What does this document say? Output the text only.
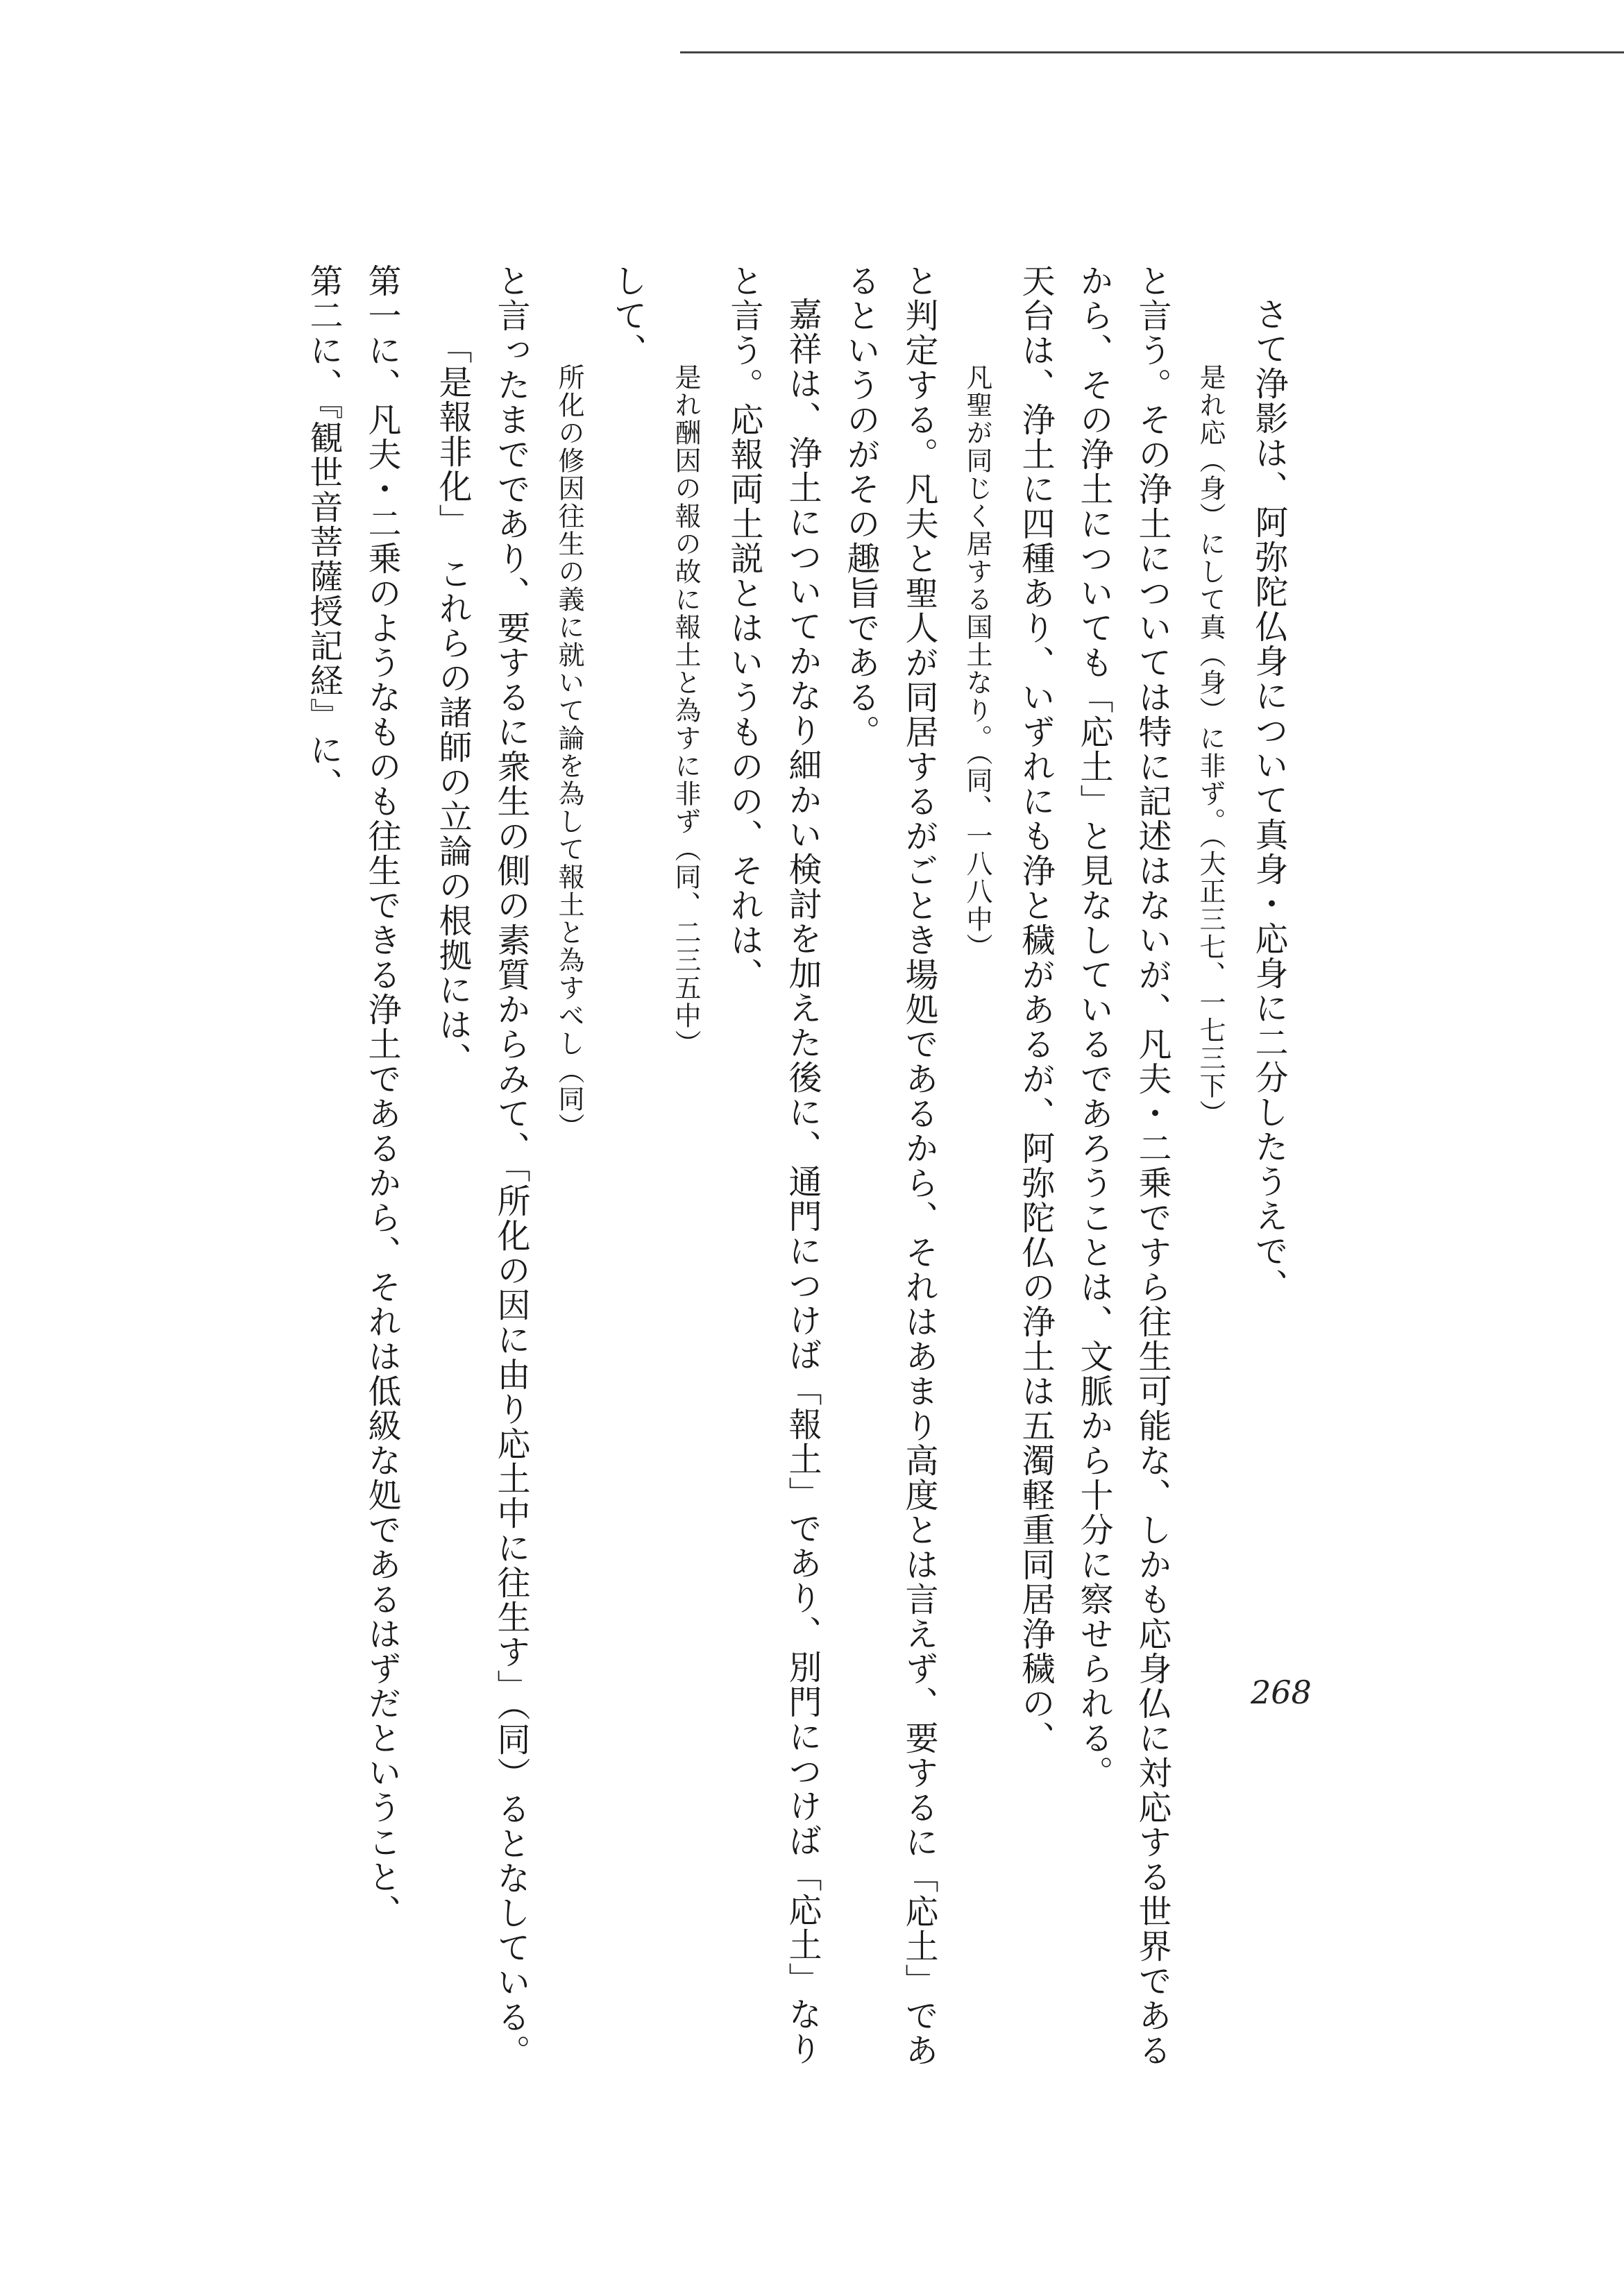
さて浄影は、阿弥陀仏身について真身・応身に二分したうえで、

是れ応（身）にして真（身）に非ず。（大正三七、一七三下）

と言う。その浄土については特に記述はないが、凡夫・二乗ですら往生可能な、しかも応身仏に対応する世界である

から、その浄土についても「応土」と見なしているであろうことは、文脈から十分に察せられる。

天台は、浄土に四種あり、いずれにも浄と穢があるが、阿弥陀仏の浄土は五濁軽重同居浄穢の、

凡聖が同じく居する国土なり。（同、一八八中）

と判定する。凡夫と聖人が同居するがごとき場処であるから、それはあまり高度とは言えず、要するに「応土」であ

るというのがその趣旨である。

嘉祥は、浄土についてかなり細かい検討を加えた後に、通門につけば「報土」であり、別門につけば「応土」なり

と言う。応報両土説とはいうものの、それは、

是れ酬因の報の故に報土と為すに非ず（同、二三五中）

して、

所化の修因往生の義に就いて論を為して報土と為すべし（同）

と言ったまでであり、要するに衆生の側の素質からみて、「所化の因に由り応土中に往生す」（同）るとなしている。

「是報非化」　これらの諸師の立論の根拠には、

第一に、凡夫・二乗のようなものも往生できる浄土であるから、それは低級な処であるはずだということ、

第二に、『観世音菩薩授記経』に、

268
